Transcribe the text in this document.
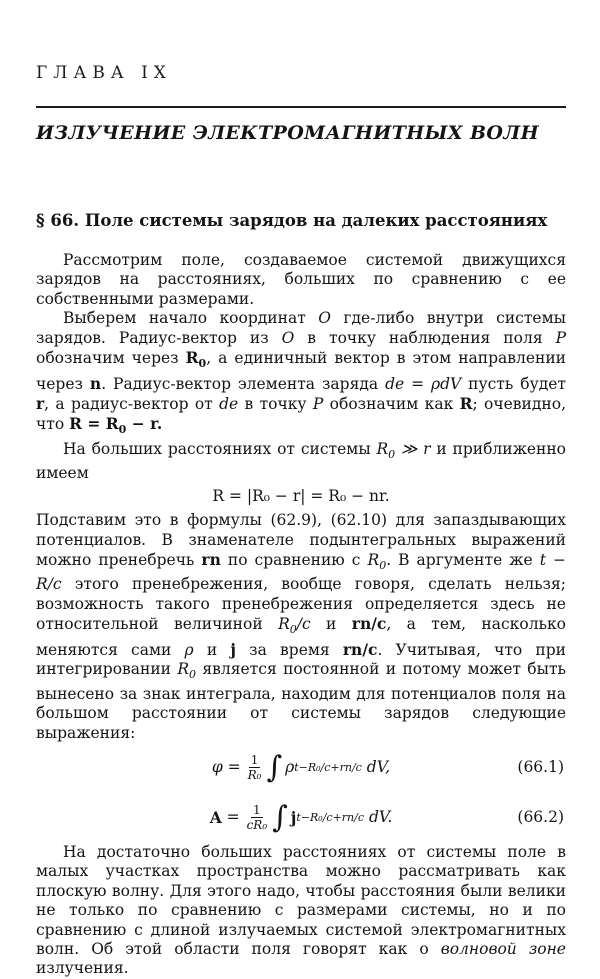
ГЛАВА IX
ИЗЛУЧЕНИЕ ЭЛЕКТРОМАГНИТНЫХ ВОЛН
§ 66. Поле системы зарядов на далеких расстояниях

Рассмотрим поле, создаваемое системой движущихся зарядов на расстояниях, больших по сравнению с ее собственными размерами.

Выберем начало координат O где-либо внутри системы зарядов. Радиус-вектор из O в точку наблюдения поля P обозначим через $R_0$, а единичный вектор в этом направлении через n. Радиус-вектор элемента заряда de = ρdV пусть будет r, а радиус-вектор от de в точку P обозначим как R; очевидно, что $R = R_0 - r$.

На больших расстояниях от системы $R_0$ ≫ r и приближенно имеем

R = |R₀ − r| = R₀ − nr.

Подставим это в формулы (62.9), (62.10) для запаздывающих потенциалов. В знаменателе подынтегральных выражений можно пренебречь rn по сравнению с $R_0$. В аргументе же t − R/c этого пренебрежения, вообще говоря, сделать нельзя; возможность такого пренебрежения определяется здесь не относительной величиной $R_0/c$ и rn/c, а тем, насколько меняются сами ρ и j за время rn/c. Учитывая, что при интегрировании $R_0$ является постоянной и потому может быть вынесено за знак интеграла, находим для потенциалов поля на большом расстоянии от системы зарядов следующие выражения:

$\varphi = \frac{1}{\text{R₀}}$ ∫ ρ t−R₀/c+rn/c
dV,	(66.1)
$A = \frac{1}{\text{cR₀}}$ ∫ j t−R₀/c+rn/c
dV.	(66.2)

На достаточно больших расстояниях от системы поле в малых участках пространства можно рассматривать как плоскую волну. Для этого надо, чтобы расстояния были велики не только по сравнению с размерами системы, но и по сравнению с длиной излучаемых системой электромагнитных волн. Об этой области поля говорят как о волновой зоне излучения.
